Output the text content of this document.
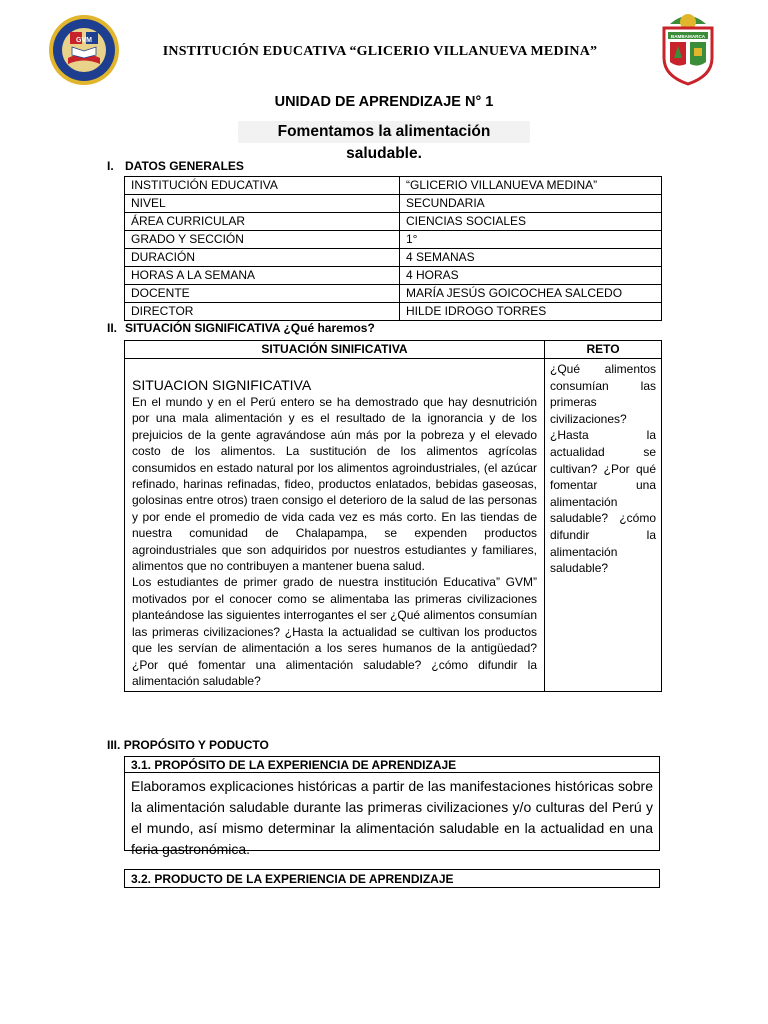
GVM
INSTITUCIÓN EDUCATIVA “GLICERIO VILLANUEVA MEDINA”
BAMBAMARCA
UNIDAD DE APRENDIZAJE N° 1
Fomentamos la alimentación saludable.
I. DATOS GENERALES
INSTITUCIÓN EDUCATIVA	“GLICERIO VILLANUEVA MEDINA”
NIVEL	SECUNDARIA
ÁREA CURRICULAR	CIENCIAS SOCIALES
GRADO Y SECCIÓN	1°
DURACIÓN	4 SEMANAS
HORAS A LA SEMANA	4 HORAS
DOCENTE	MARÍA JESÚS GOICOCHEA SALCEDO
DIRECTOR	HILDE IDROGO TORRES
II. SITUACIÓN SIGNIFICATIVA ¿Qué haremos?
SITUACIÓN SINIFICATIVA	RETO

SITUACION SIGNIFICATIVA
En el mundo y en el Perú entero se ha demostrado que hay desnutrición por una mala alimentación y es el resultado de la ignorancia y de los prejuicios de la gente agravándose aún más por la pobreza y el elevado costo de los alimentos. La sustitución de los alimentos agrícolas consumidos en estado natural por los alimentos agroindustriales, (el azúcar refinado, harinas refinadas, fideo, productos enlatados, bebidas gaseosas, golosinas entre otros) traen consigo el deterioro de la salud de las personas y por ende el promedio de vida cada vez es más corto. En las tiendas de nuestra comunidad de Chalapampa, se expenden productos agroindustriales que son adquiridos por nuestros estudiantes y familiares, alimentos que no contribuyen a mantener buena salud.
Los estudiantes de primer grado de nuestra institución Educativa” GVM” motivados por el conocer como se alimentaba las primeras civilizaciones planteándose las siguientes interrogantes el ser ¿Qué alimentos consumían las primeras civilizaciones? ¿Hasta la actualidad se cultivan los productos que les servían de alimentación a los seres humanos de la antigüedad? ¿Por qué fomentar una alimentación saludable? ¿cómo difundir la alimentación saludable?	¿Qué alimentos consumían las primeras civilizaciones? ¿Hasta la actualidad se cultivan? ¿Por qué fomentar una alimentación saludable? ¿cómo difundir la alimentación saludable?
III. PROPÓSITO Y PODUCTO
3.1. PROPÓSITO DE LA EXPERIENCIA DE APRENDIZAJE
Elaboramos explicaciones históricas a partir de las manifestaciones históricas sobre la alimentación saludable durante las primeras civilizaciones y/o culturas del Perú y el mundo, así mismo determinar la alimentación saludable en la actualidad en una feria gastronómica.
3.2. PRODUCTO DE LA EXPERIENCIA DE APRENDIZAJE
